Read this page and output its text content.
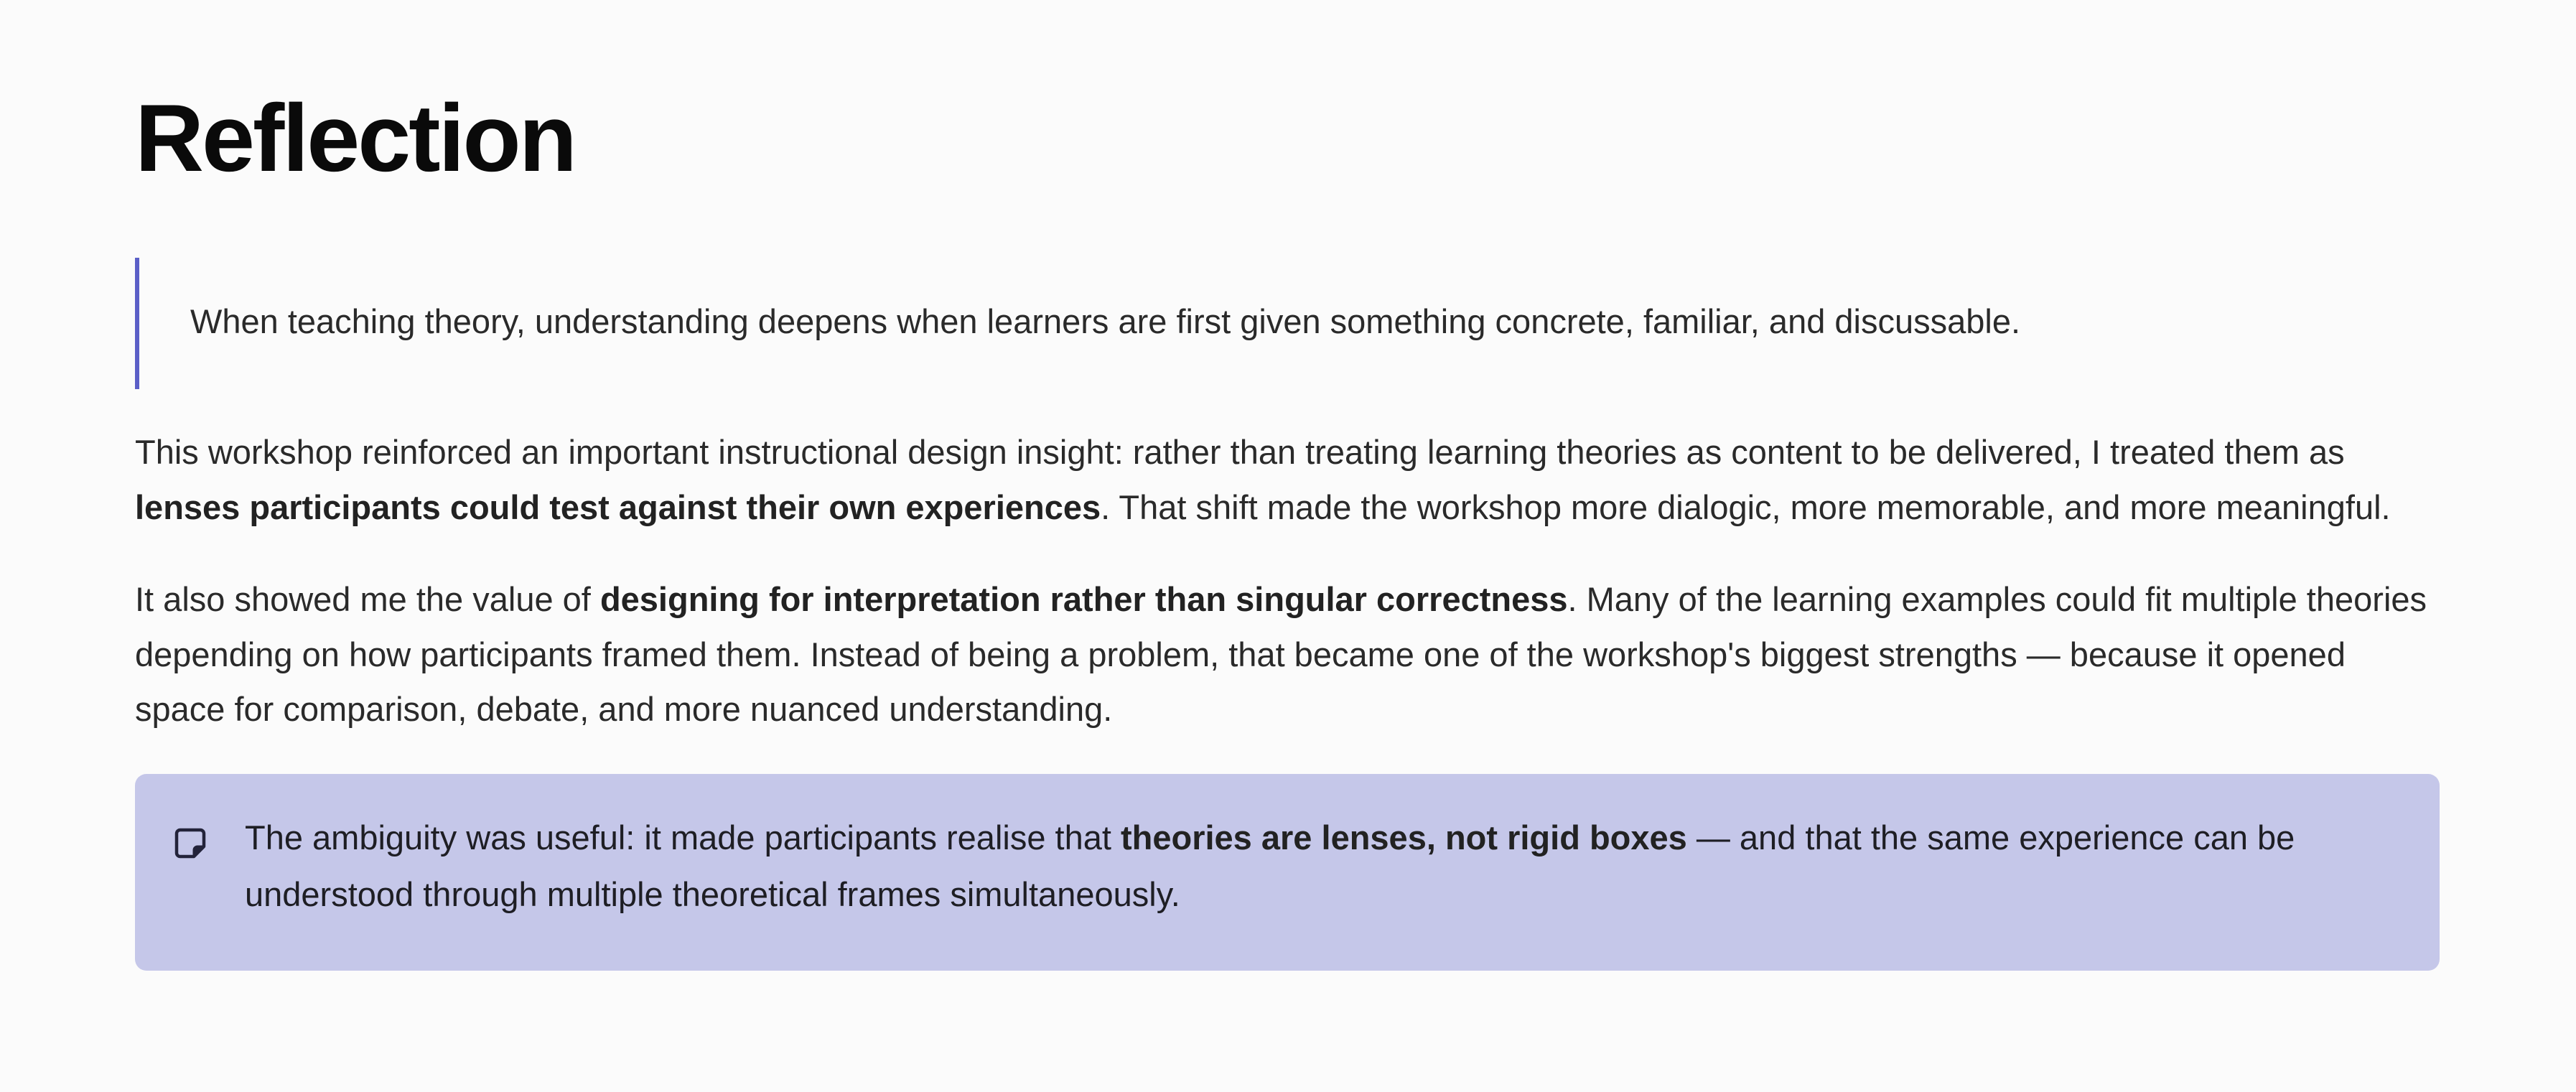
Reflection

When teaching theory, understanding deepens when learners are first given something concrete, familiar, and discussable.

This workshop reinforced an important instructional design insight: rather than treating learning theories as content to be delivered, I treated them as lenses participants could test against their own experiences. That shift made the workshop more dialogic, more memorable, and more meaningful.

It also showed me the value of designing for interpretation rather than singular correctness. Many of the learning examples could fit multiple theories depending on how participants framed them. Instead of being a problem, that became one of the workshop's biggest strengths — because it opened space for comparison, debate, and more nuanced understanding.

The ambiguity was useful: it made participants realise that theories are lenses, not rigid boxes — and that the same experience can be understood through multiple theoretical frames simultaneously.
